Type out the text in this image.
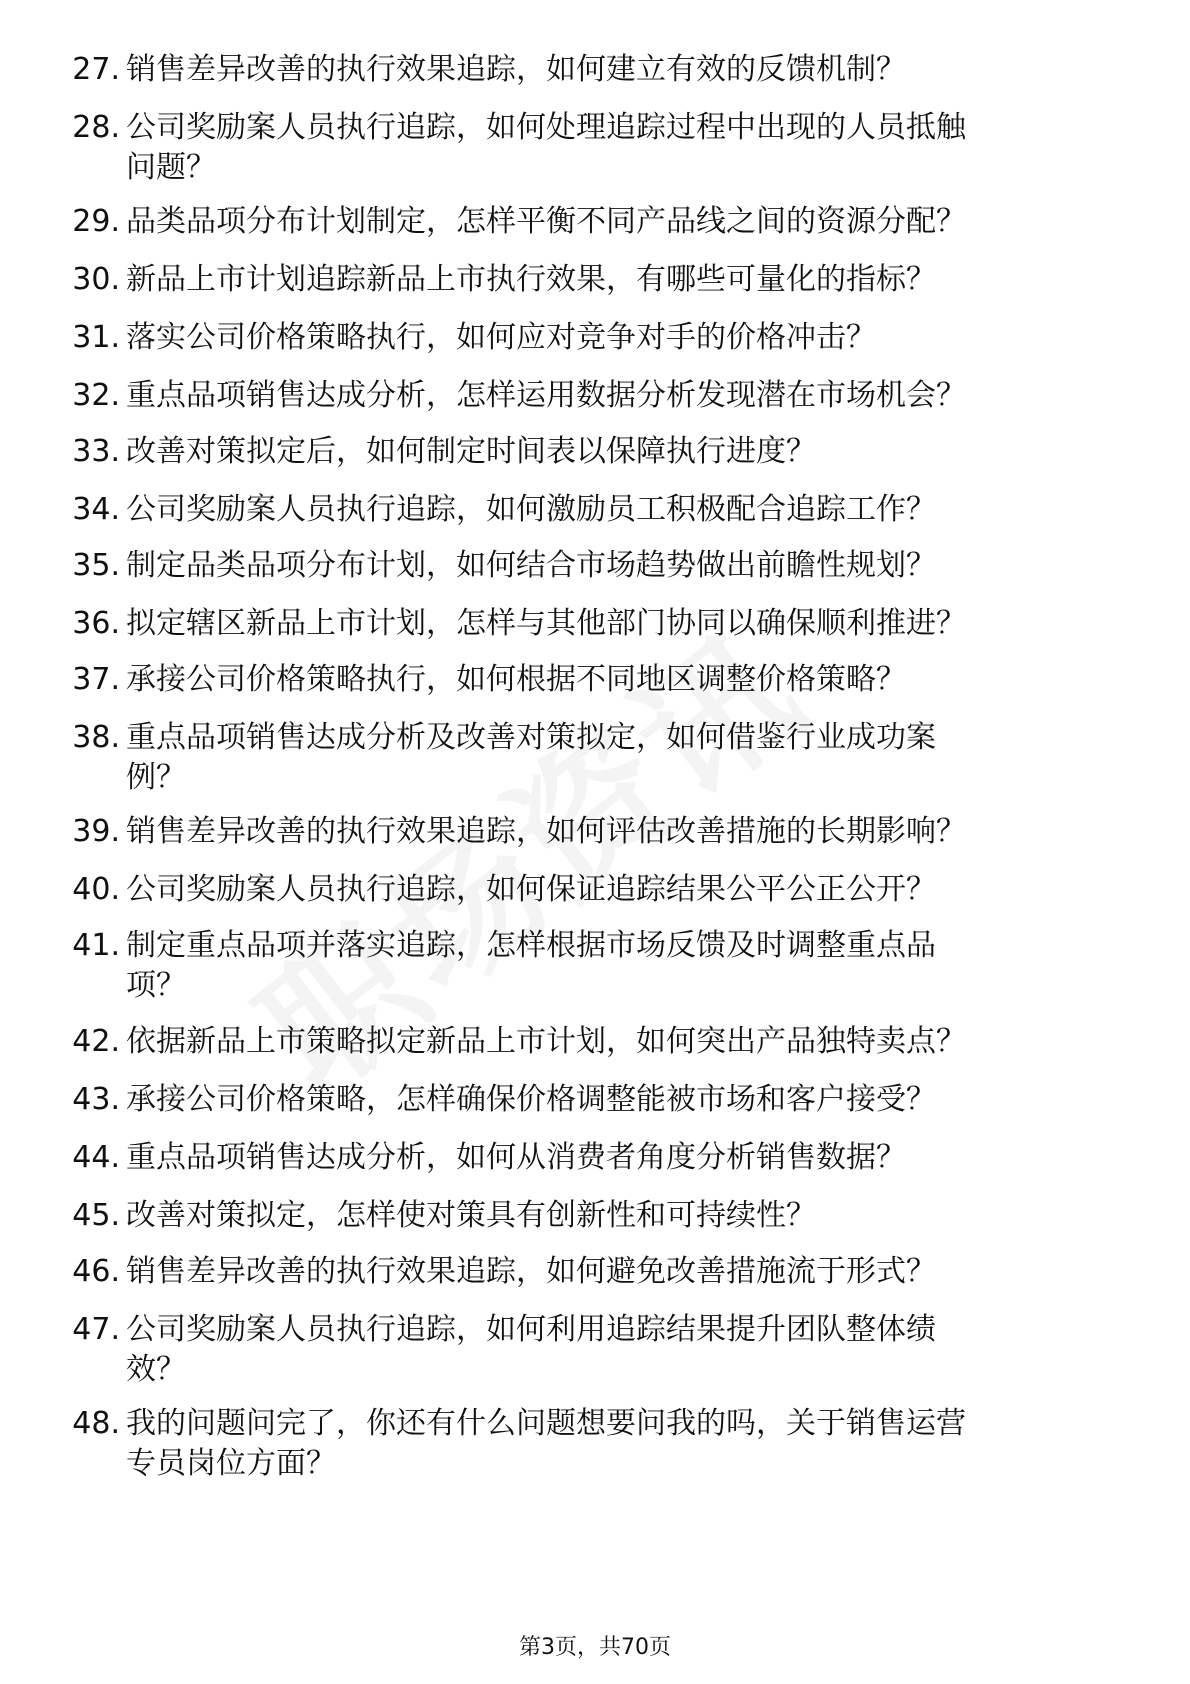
27. 销售差异改善的执行效果追踪，如何建立有效的反馈机制？
28. 公司奖励案人员执行追踪，如何处理追踪过程中出现的人员抵触
问题？
29. 品类品项分布计划制定，怎样平衡不同产品线之间的资源分配？
30. 新品上市计划追踪新品上市执行效果，有哪些可量化的指标？
31. 落实公司价格策略执行，如何应对竞争对手的价格冲击？
32. 重点品项销售达成分析，怎样运用数据分析发现潜在市场机会？
33. 改善对策拟定后，如何制定时间表以保障执行进度？
34. 公司奖励案人员执行追踪，如何激励员工积极配合追踪工作？
35. 制定品类品项分布计划，如何结合市场趋势做出前瞻性规划？
36. 拟定辖区新品上市计划，怎样与其他部门协同以确保顺利推进？
37. 承接公司价格策略执行，如何根据不同地区调整价格策略？
38. 重点品项销售达成分析及改善对策拟定，如何借鉴行业成功案
例？
39. 销售差异改善的执行效果追踪，如何评估改善措施的长期影响？
40. 公司奖励案人员执行追踪，如何保证追踪结果公平公正公开？
41. 制定重点品项并落实追踪，怎样根据市场反馈及时调整重点品
项？
42. 依据新品上市策略拟定新品上市计划，如何突出产品独特卖点？
43. 承接公司价格策略，怎样确保价格调整能被市场和客户接受？
44. 重点品项销售达成分析，如何从消费者角度分析销售数据？
45. 改善对策拟定，怎样使对策具有创新性和可持续性？
46. 销售差异改善的执行效果追踪，如何避免改善措施流于形式？
47. 公司奖励案人员执行追踪，如何利用追踪结果提升团队整体绩
效？
48. 我的问题问完了，你还有什么问题想要问我的吗，关于销售运营
专员岗位方面？
第3页，共70页
